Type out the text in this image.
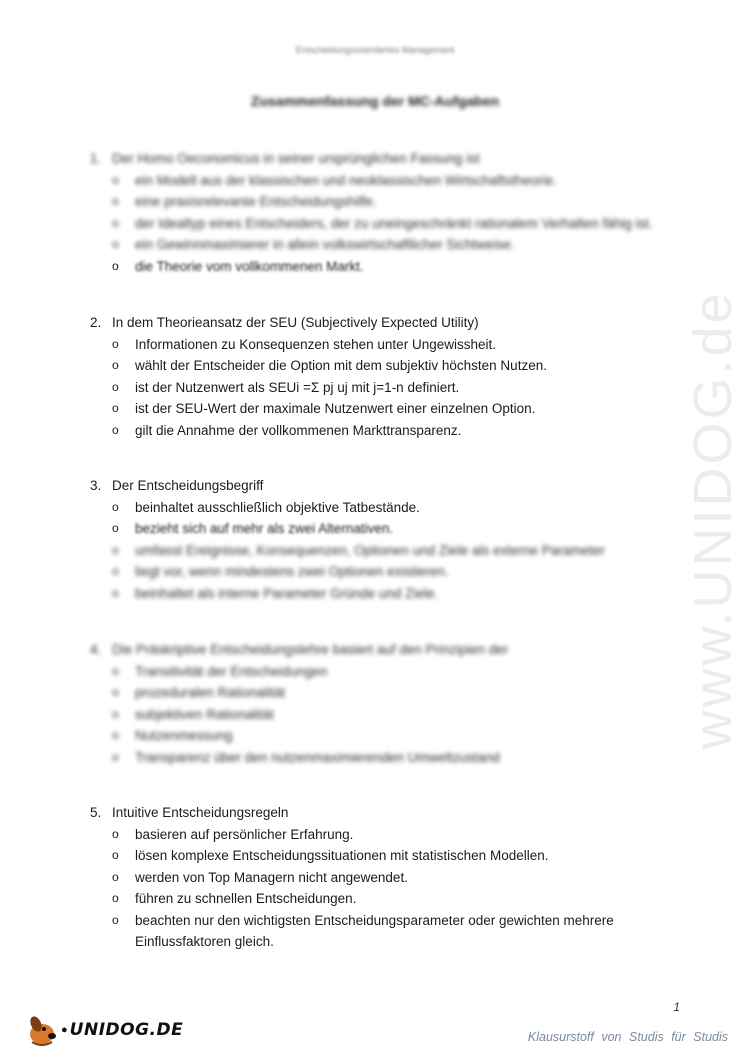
Entscheidungsorientiertes Management
Zusammenfassung der MC-Aufgaben
www.UNIDOG.de
1. Der Homo Oeconomicus in seiner ursprünglichen Fassung ist
o	ein Modell aus der klassischen und neoklassischen Wirtschaftstheorie.
o	eine praxisrelevante Entscheidungshilfe.
o	der Idealtyp eines Entscheiders, der zu uneingeschränkt rationalem Verhalten fähig ist.
o	ein Gewinnmaximierer in allein volkswirtschaftlicher Sichtweise.
o	die Theorie vom vollkommenen Markt.
2. In dem Theorieansatz der SEU (Subjectively Expected Utility)
o	Informationen zu Konsequenzen stehen unter Ungewissheit.
o	wählt der Entscheider die Option mit dem subjektiv höchsten Nutzen.
o	ist der Nutzenwert als SEUi =Σ pj uj mit j=1-n definiert.
o	ist der SEU-Wert der maximale Nutzenwert einer einzelnen Option.
o	gilt die Annahme der vollkommenen Markttransparenz.
3. Der Entscheidungsbegriff
o	beinhaltet ausschließlich objektive Tatbestände.
o	bezieht sich auf mehr als zwei Alternativen.
o	umfasst Ereignisse, Konsequenzen, Optionen und Ziele als externe Parameter
o	liegt vor, wenn mindestens zwei Optionen existieren.
o	beinhaltet als interne Parameter Gründe und Ziele.
4. Die Präskriptive Entscheidungslehre basiert auf den Prinzipien der
o	Transitivität der Entscheidungen
o	prozeduralen Rationalität
o	subjektiven Rationalität
o	Nutzenmessung
o	Transparenz über den nutzenmaximierenden Umweltzustand
5. Intuitive Entscheidungsregeln
o	basieren auf persönlicher Erfahrung.
o	lösen komplexe Entscheidungssituationen mit statistischen Modellen.
o	werden von Top Managern nicht angewendet.
o	führen zu schnellen Entscheidungen.
o	beachten nur den wichtigsten Entscheidungsparameter oder gewichten mehrere Einflussfaktoren gleich.
1
● UNIDOG.DE	Klausurstoff von Studis für Studis
